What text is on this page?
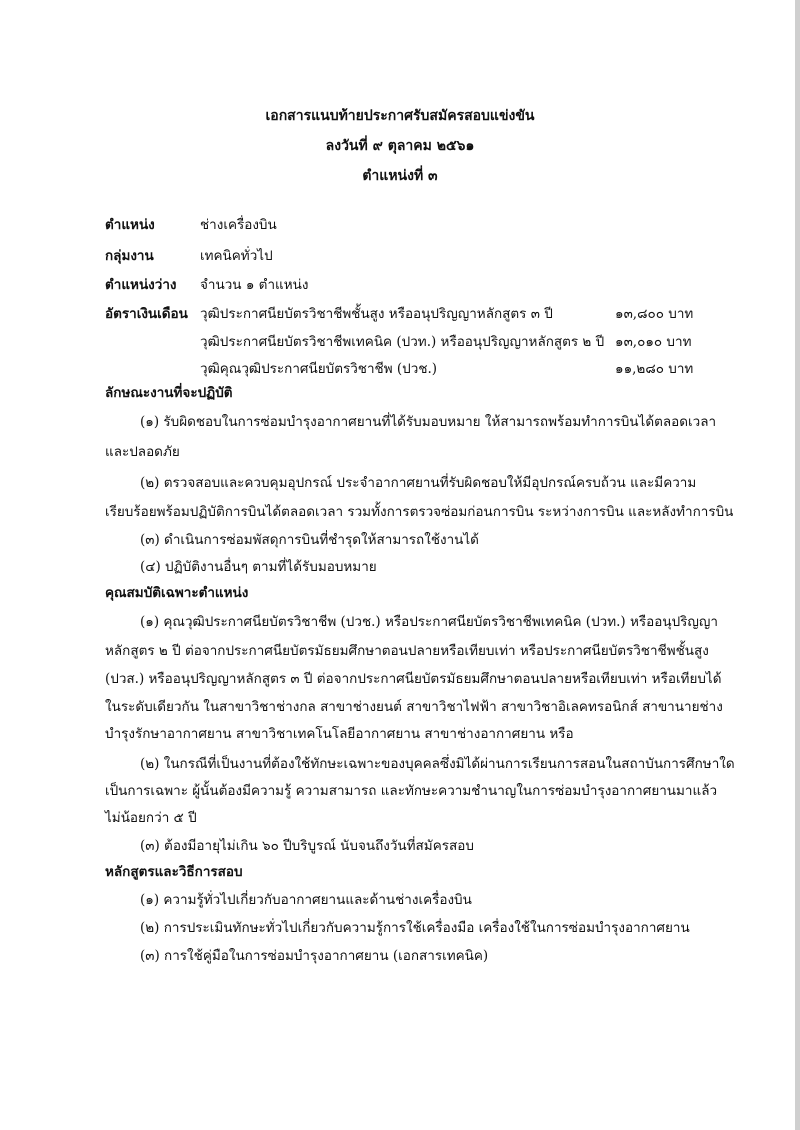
เอกสารแนบท้ายประกาศรับสมัครสอบแข่งขัน
ลงวันที่ ๙ ตุลาคม ๒๕๖๑
ตำแหน่งที่ ๓
ตำแหน่ง	ช่างเครื่องบิน
กลุ่มงาน	เทคนิคทั่วไป
ตำแหน่งว่าง จำนวน ๑ ตำแหน่ง
อัตราเงินเดือน วุฒิประกาศนียบัตรวิชาชีพชั้นสูง หรืออนุปริญญาหลักสูตร ๓ ปี	๑๓,๘๐๐ บาท
วุฒิประกาศนียบัตรวิชาชีพเทคนิค (ปวท.) หรืออนุปริญญาหลักสูตร ๒ ปี ๑๓,๐๑๐ บาท
วุฒิคุณวุฒิประกาศนียบัตรวิชาชีพ (ปวช.)	๑๑,๒๘๐ บาท
ลักษณะงานที่จะปฏิบัติ
(๑) รับผิดชอบในการซ่อมบำรุงอากาศยานที่ได้รับมอบหมาย ให้สามารถพร้อมทำการบินได้ตลอดเวลา
และปลอดภัย
(๒) ตรวจสอบและควบคุมอุปกรณ์ ประจำอากาศยานที่รับผิดชอบให้มีอุปกรณ์ครบถ้วน และมีความ
เรียบร้อยพร้อมปฏิบัติการบินได้ตลอดเวลา รวมทั้งการตรวจซ่อมก่อนการบิน ระหว่างการบิน และหลังทำการบิน
(๓) ดำเนินการซ่อมพัสดุการบินที่ชำรุดให้สามารถใช้งานได้
(๔) ปฏิบัติงานอื่นๆ ตามที่ได้รับมอบหมาย
คุณสมบัติเฉพาะตำแหน่ง
(๑) คุณวุฒิประกาศนียบัตรวิชาชีพ (ปวช.) หรือประกาศนียบัตรวิชาชีพเทคนิค (ปวท.) หรืออนุปริญญา
หลักสูตร ๒ ปี ต่อจากประกาศนียบัตรมัธยมศึกษาตอนปลายหรือเทียบเท่า หรือประกาศนียบัตรวิชาชีพชั้นสูง
(ปวส.) หรืออนุปริญญาหลักสูตร ๓ ปี ต่อจากประกาศนียบัตรมัธยมศึกษาตอนปลายหรือเทียบเท่า หรือเทียบได้
ในระดับเดียวกัน ในสาขาวิชาช่างกล สาขาช่างยนต์ สาขาวิชาไฟฟ้า สาขาวิชาอิเลคทรอนิกส์ สาขานายช่าง
บำรุงรักษาอากาศยาน สาขาวิชาเทคโนโลยีอากาศยาน สาขาช่างอากาศยาน หรือ
(๒) ในกรณีที่เป็นงานที่ต้องใช้ทักษะเฉพาะของบุคคลซึ่งมิได้ผ่านการเรียนการสอนในสถาบันการศึกษาใด
เป็นการเฉพาะ ผู้นั้นต้องมีความรู้ ความสามารถ และทักษะความชำนาญในการซ่อมบำรุงอากาศยานมาแล้ว
ไม่น้อยกว่า ๕ ปี
(๓) ต้องมีอายุไม่เกิน ๖๐ ปีบริบูรณ์ นับจนถึงวันที่สมัครสอบ
หลักสูตรและวิธีการสอบ
(๑) ความรู้ทั่วไปเกี่ยวกับอากาศยานและด้านช่างเครื่องบิน
(๒) การประเมินทักษะทั่วไปเกี่ยวกับความรู้การใช้เครื่องมือ เครื่องใช้ในการซ่อมบำรุงอากาศยาน
(๓) การใช้คู่มือในการซ่อมบำรุงอากาศยาน (เอกสารเทคนิค)
